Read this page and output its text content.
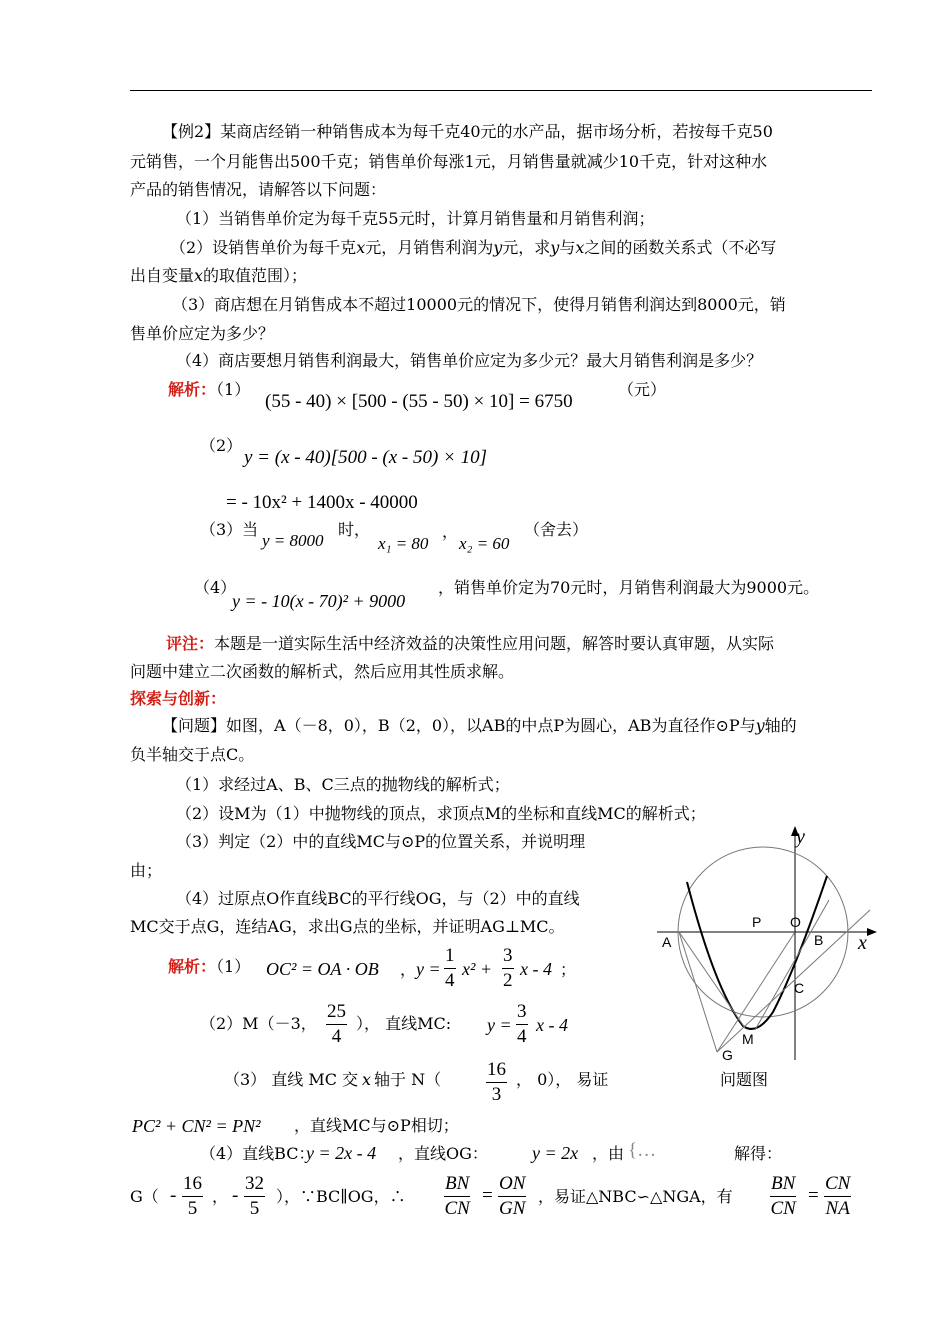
【例2】某商店经销一种销售成本为每千克40元的水产品，据市场分析，若按每千克50
元销售，一个月能售出500千克；销售单价每涨1元，月销售量就减少10千克，针对这种水
产品的销售情况，请解答以下问题：
（1）当销售单价定为每千克55元时，计算月销售量和月销售利润；
（2）设销售单价为每千克x元，月销售利润为y元，求y与x之间的函数关系式（不必写
出自变量x的取值范围）；
（3）商店想在月销售成本不超过10000元的情况下，使得月销售利润达到8000元，销
售单价应定为多少？
（4）商店要想月销售利润最大，销售单价应定为多少元？最大月销售利润是多少？
解析：（1）
(55 - 40) × [500 - (55 - 50) × 10] = 6750
（元）
（2）
y = (x - 40)[500 - (x - 50) × 10]
= - 10x² + 1400x - 40000
（3）当
y = 8000
时，
x₁ = 80
，
x₂ = 60
（舍去）
（4）
y = - 10(x - 70)² + 9000
，销售单价定为70元时，月销售利润最大为9000元。
评注：本题是一道实际生活中经济效益的决策性应用问题，解答时要认真审题，从实际
问题中建立二次函数的解析式，然后应用其性质求解。
探索与创新：
【问题】如图，A（－8，0），B（2，0），以AB的中点P为圆心，AB为直径作⊙P与y轴的
负半轴交于点C。
（1）求经过A、B、C三点的抛物线的解析式；
（2）设M为（1）中抛物线的顶点，求顶点M的坐标和直线MC的解析式；
（3）判定（2）中的直线MC与⊙P的位置关系，并说明理
由；
（4）过原点O作直线BC的平行线OG，与（2）中的直线
MC交于点G，连结AG，求出G点的坐标，并证明AG⊥MC。
解析：（1） OC² = OA · OB ， $y = \frac{1}{4} x^2 + \frac{3}{2}$ x - 4 ；
（2）M（－3， $\frac{25}{4}$ ）， 直线MC: $y = \frac{3}{4}$ x - 4
（3） 直线 MC 交 x 轴于 $N( \frac{16}{3}$ ， 0）， 易证
PC² + CN² = PN² ，直线MC与⊙P相切；
（4）直线BC：
y = 2x - 4 ，直线OG： y = 2x ，由 {…	解得：
$G( - \frac{16}{5}$ ， - $\frac{32}{5}$ ），∵BC∥OG，∴ $\frac{BN}{CN} = \frac{ON}{GN}$ ，易证△NBC∽△NGA，有 $\frac{BN}{CN} = \frac{CN}{NA}$
y
x
P O
A	B
C
M
G
问题图
